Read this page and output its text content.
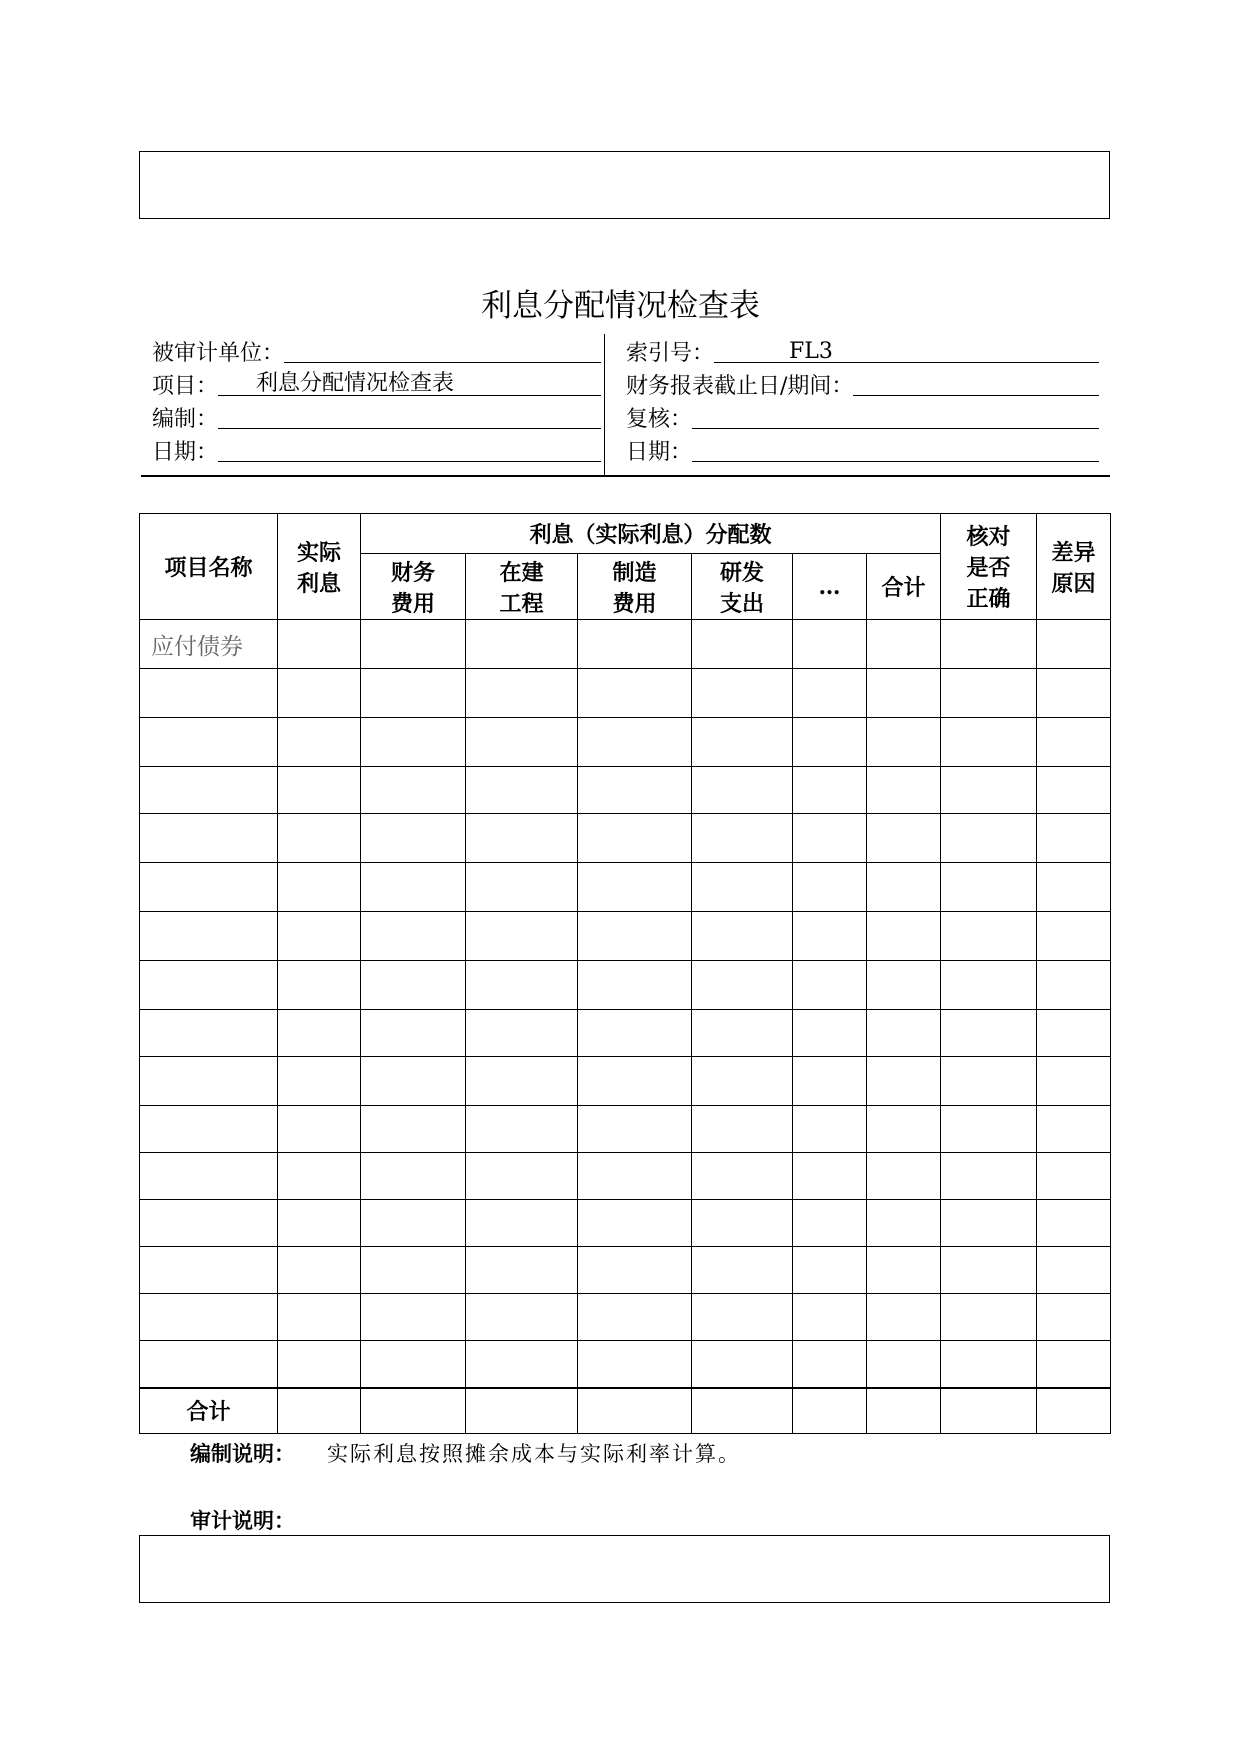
利息分配情况检查表
被审计单位：
项目： 利息分配情况检查表
编制：
日期：
索引号：	FL3
财务报表截止日/期间：
复核：
日期：
项目名称	实际利息	利息（实际利息）分配数						核对是否正确	差异原因
		财务费用	在建工程	制造费用	研发支出	…	合计		
应付债券									

合计									
编制说明： 实际利息按照摊余成本与实际利率计算。
审计说明：
